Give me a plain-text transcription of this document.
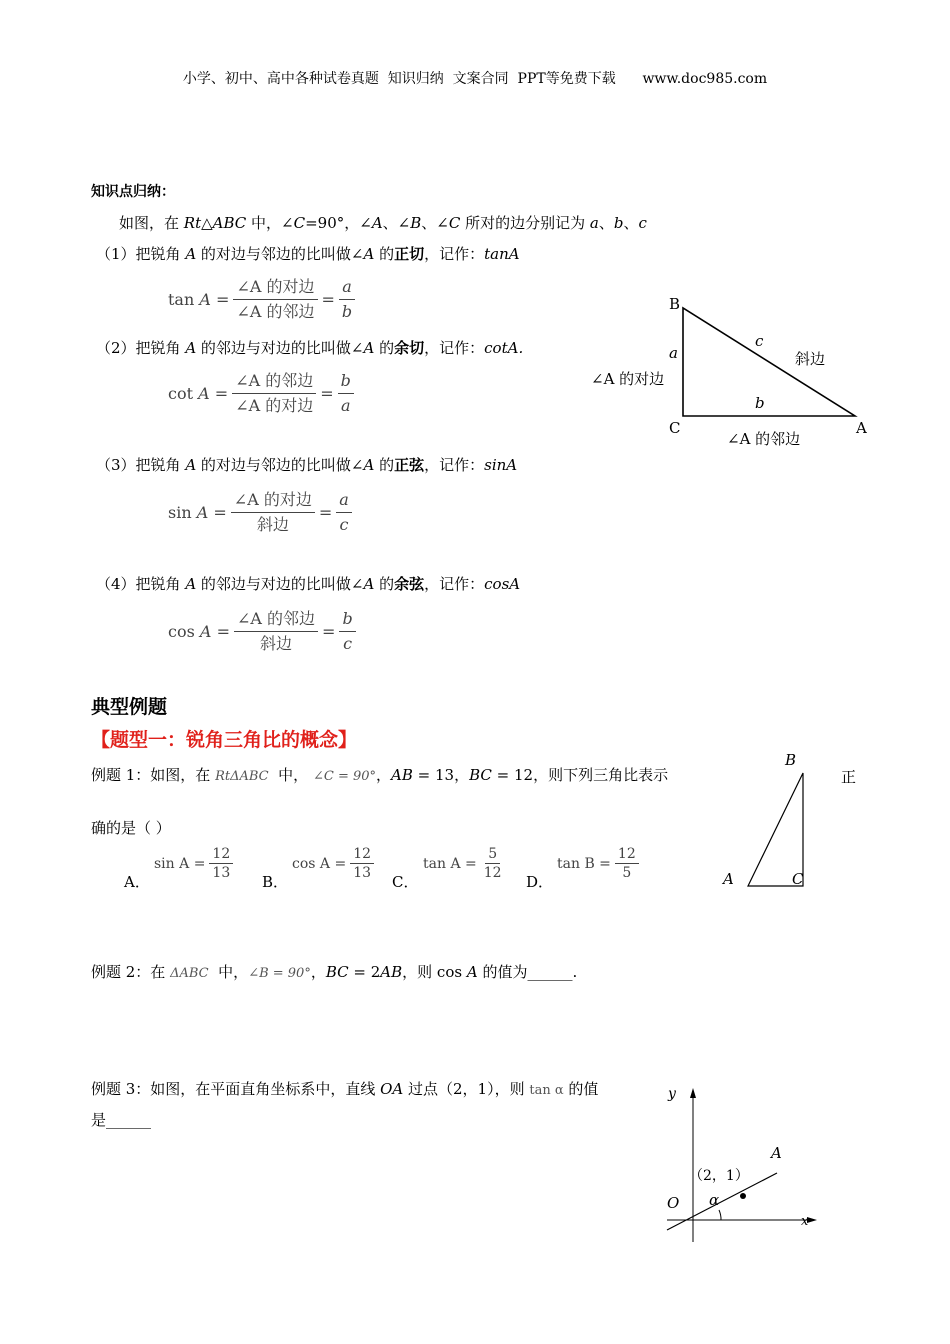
小学、初中、高中各种试卷真题  知识归纳  文案合同  PPT等免费下载      www.doc985.com
知识点归纳：
如图，在 Rt△ABC 中，∠C=90°，∠A、∠B、∠C 所对的边分别记为 a、b、c
（1）把锐角 A 的对边与邻边的比叫做∠A 的正切，记作：tanA
tan
A
= $\frac{\text{∠A 的对边}}{\text{∠A 的邻边}} = \frac{a}{b}$
（2）把锐角 A 的邻边与对边的比叫做∠A 的余切，记作：cotA.
cot
A
= $\frac{\text{∠A 的邻边}}{\text{∠A 的对边}} = \frac{b}{a}$
（3）把锐角 A 的对边与邻边的比叫做∠A 的正弦，记作：sinA
sin
A
= $\frac{\text{∠A 的对边}}{\text{斜边}} = \frac{a}{c}$
（4）把锐角 A 的邻边与对边的比叫做∠A 的余弦，记作：cosA
cos
A
= $\frac{\text{∠A 的邻边}}{\text{斜边}} = \frac{b}{c}$
B
C	A
a
c
b
斜边
∠A 的对边
∠A 的邻边
典型例题
【题型一：锐角三角比的概念】
例题 1：如图，在 RtΔABC  中， ∠C = 90°，AB = 13，BC = 12，则下列三角比表示	正
确的是（ ）
A．
$\sin A = \frac{12}{13}$
B．
$\cos A = \frac{12}{13}$
C．
$\tan A = \frac{5}{12}$
D．
$\tan B = \frac{12}{5}$
B
A	C
例题 2：在 ΔABC  中，∠B = 90°，BC = 2AB，则 cos A 的值为______.
例题 3：如图，在平面直角坐标系中，直线 OA 过点（2，1），则 tan α 的值
是______
y
x
O
A
α
（2，1）
